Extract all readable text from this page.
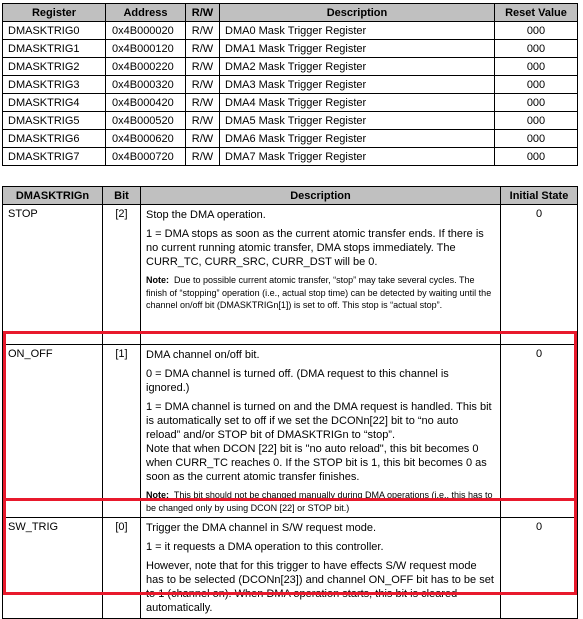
Register	Address	R/W	Description	Reset Value
DMASKTRIG0	0x4B000020	R/W	DMA0 Mask Trigger Register	000
DMASKTRIG1	0x4B000120	R/W	DMA1 Mask Trigger Register	000
DMASKTRIG2	0x4B000220	R/W	DMA2 Mask Trigger Register	000
DMASKTRIG3	0x4B000320	R/W	DMA3 Mask Trigger Register	000
DMASKTRIG4	0x4B000420	R/W	DMA4 Mask Trigger Register	000
DMASKTRIG5	0x4B000520	R/W	DMA5 Mask Trigger Register	000
DMASKTRIG6	0x4B000620	R/W	DMA6 Mask Trigger Register	000
DMASKTRIG7	0x4B000720	R/W	DMA7 Mask Trigger Register	000
DMASKTRIGn	Bit	Description	Initial State
STOP	[2]	Stop the DMA operation.

1 = DMA stops as soon as the current atomic transfer ends. If there is no current running atomic transfer, DMA stops immediately. The CURR_TC, CURR_SRC, CURR_DST will be 0.

Note: Due to possible current atomic transfer, “stop” may take several cycles. The finish of “stopping” operation (i.e., actual stop time) can be detected by waiting until the channel on/off bit (DMASKTRIGn[1]) is set to off. This stop is “actual stop”.	0
ON_OFF	[1]	DMA channel on/off bit.

0 = DMA channel is turned off. (DMA request to this channel is ignored.)

1 = DMA channel is turned on and the DMA request is handled. This bit is automatically set to off if we set the DCONn[22] bit to “no auto reload” and/or STOP bit of DMASKTRIGn to “stop”.

Note that when DCON [22] bit is "no auto reload", this bit becomes 0 when CURR_TC reaches 0. If the STOP bit is 1, this bit becomes 0 as soon as the current atomic transfer finishes.

Note: This bit should not be changed manually during DMA operations (i.e., this has to be changed only by using DCON [22] or STOP bit.)	0
SW_TRIG	[0]	Trigger the DMA channel in S/W request mode.

1 = it requests a DMA operation to this controller.

However, note that for this trigger to have effects S/W request mode has to be selected (DCONn[23]) and channel ON_OFF bit has to be set to 1 (channel on). When DMA operation starts, this bit is cleared automatically.	0
